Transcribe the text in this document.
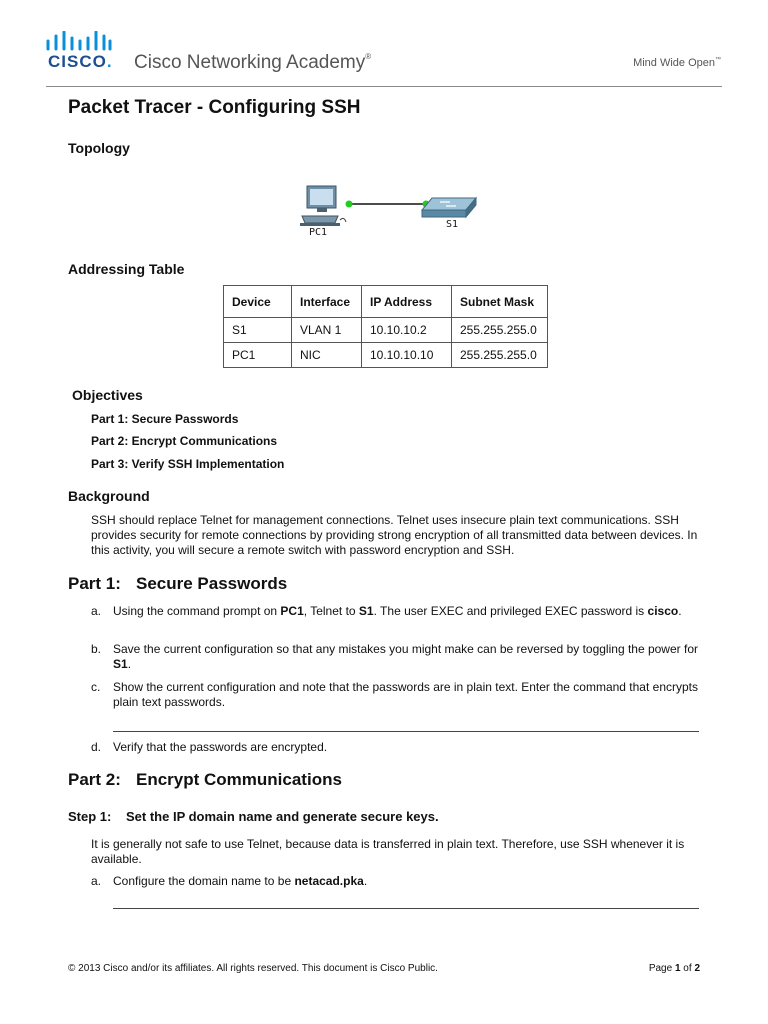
CISCO. Cisco Networking Academy®
Mind Wide Open™
Packet Tracer - Configuring SSH
Topology
PC1
S1
Addressing Table
Device	Interface	IP Address	Subnet Mask
S1	VLAN 1	10.10.10.2	255.255.255.0
PC1	NIC	10.10.10.10	255.255.255.0
Objectives

Part 1: Secure Passwords

Part 2: Encrypt Communications

Part 3: Verify SSH Implementation

Background

SSH should replace Telnet for management connections. Telnet uses insecure plain text communications. SSH provides security for remote connections by providing strong encryption of all transmitted data between devices. In this activity, you will secure a remote switch with password encryption and SSH.

Part 1: Secure Passwords
a. Using the command prompt on PC1, Telnet to S1. The user EXEC and privileged EXEC password is cisco.
b. Save the current configuration so that any mistakes you might make can be reversed by toggling the power for S1.
c. Show the current configuration and note that the passwords are in plain text. Enter the command that encrypts plain text passwords.
d. Verify that the passwords are encrypted.
Part 2: Encrypt Communications
Step 1: Set the IP domain name and generate secure keys.

It is generally not safe to use Telnet, because data is transferred in plain text. Therefore, use SSH whenever it is available.

a. Configure the domain name to be netacad.pka.
© 2013 Cisco and/or its affiliates. All rights reserved. This document is Cisco Public.	Page 1 of 2
